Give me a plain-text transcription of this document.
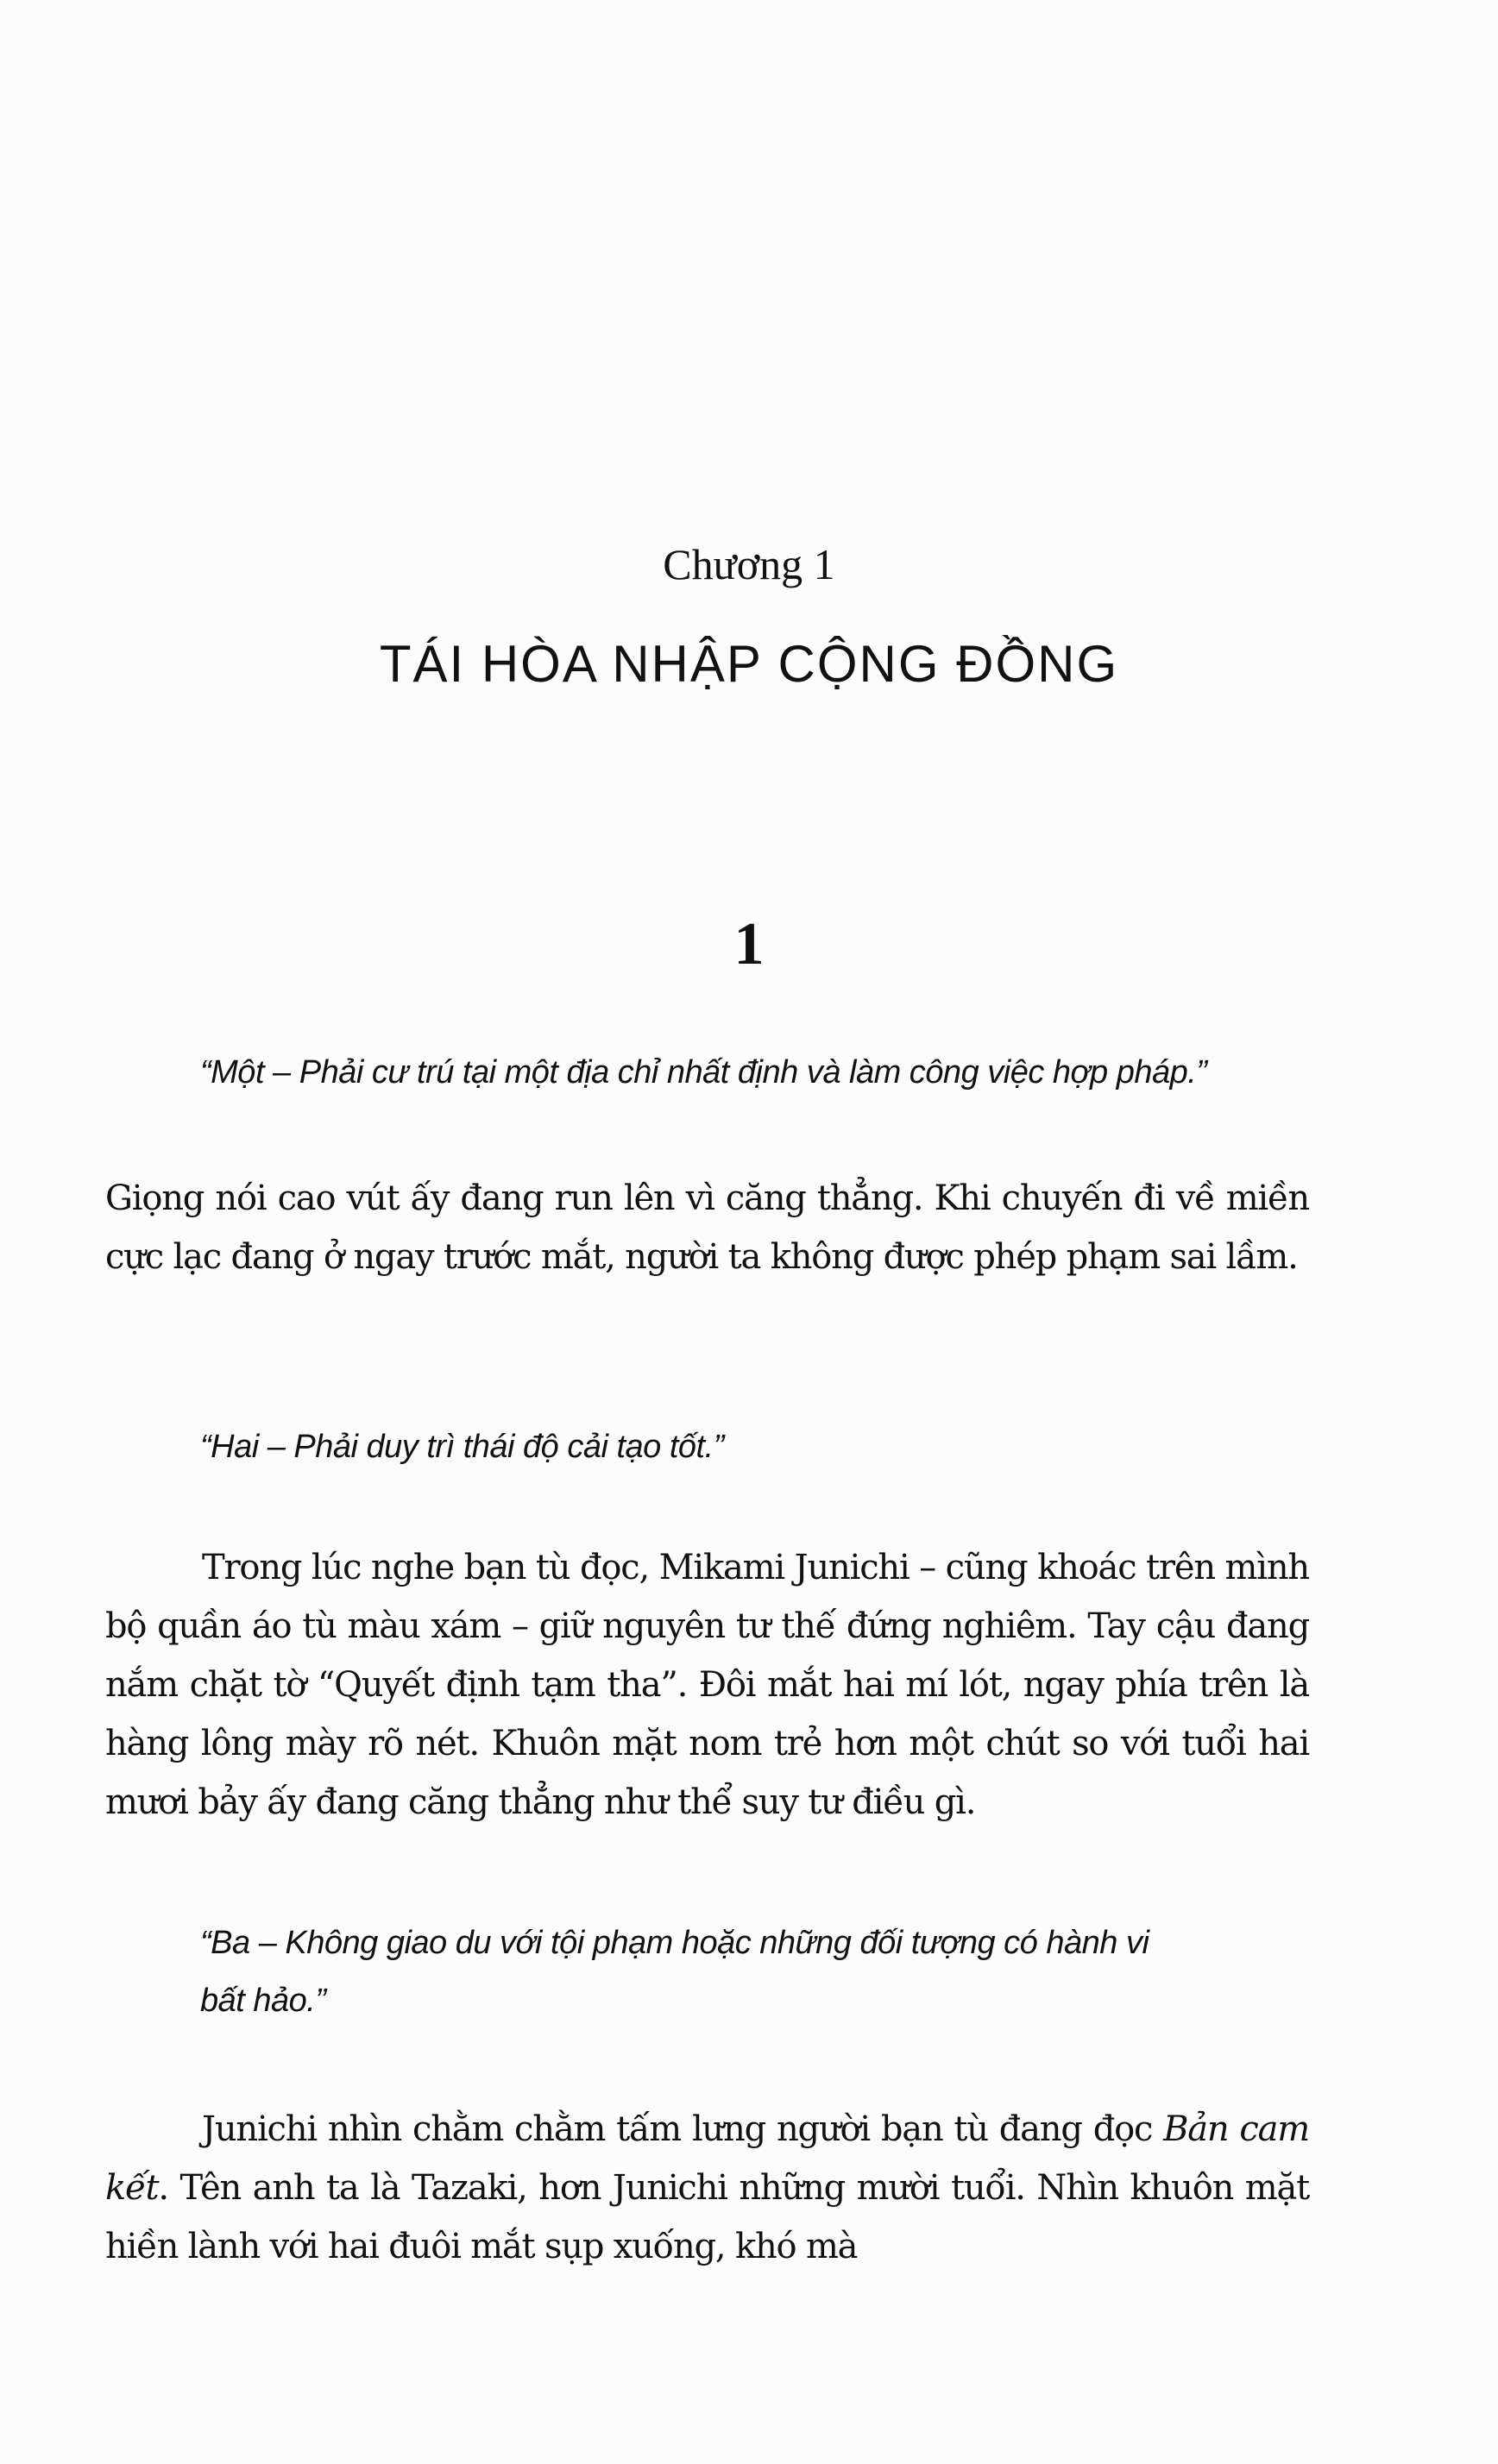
Chương 1

TÁI HÒA NHẬP CỘNG ĐỒNG

1

“Một – Phải cư trú tại một địa chỉ nhất định và làm công việc hợp pháp.”

Giọng nói cao vút ấy đang run lên vì căng thẳng. Khi chuyến đi về miền cực lạc đang ở ngay trước mắt, người ta không được phép phạm sai lầm.

“Hai – Phải duy trì thái độ cải tạo tốt.”

Trong lúc nghe bạn tù đọc, Mikami Junichi – cũng khoác trên mình bộ quần áo tù màu xám – giữ nguyên tư thế đứng nghiêm. Tay cậu đang nắm chặt tờ “Quyết định tạm tha”. Đôi mắt hai mí lót, ngay phía trên là hàng lông mày rõ nét. Khuôn mặt nom trẻ hơn một chút so với tuổi hai mươi bảy ấy đang căng thẳng như thể suy tư điều gì.

“Ba – Không giao du với tội phạm hoặc những đối tượng có hành vi

bất hảo.”

Junichi nhìn chằm chằm tấm lưng người bạn tù đang đọc Bản cam kết. Tên anh ta là Tazaki, hơn Junichi những mười tuổi. Nhìn khuôn mặt hiền lành với hai đuôi mắt sụp xuống, khó mà
